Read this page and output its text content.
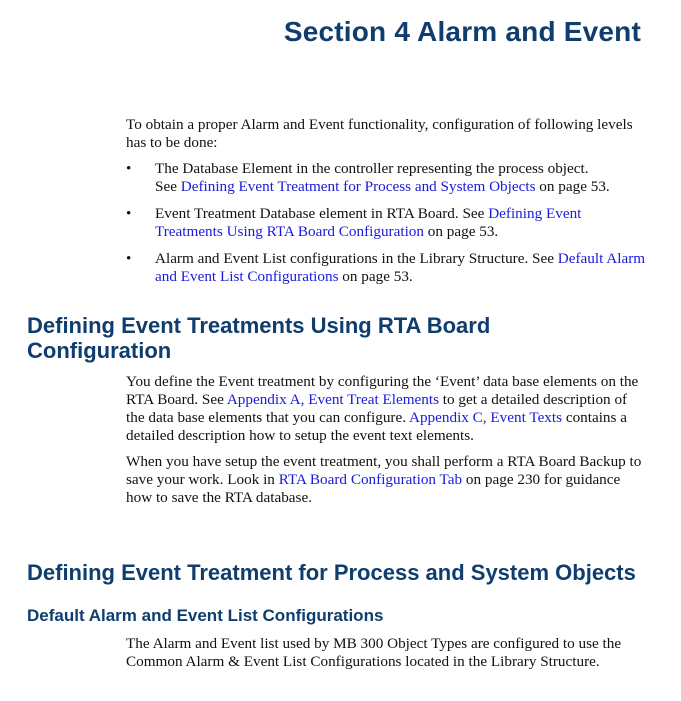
Section 4 Alarm and Event

To obtain a proper Alarm and Event functionality, configuration of following levels has to be done:

• The Database Element in the controller representing the process object.
See Defining Event Treatment for Process and System Objects on page 53.
• Event Treatment Database element in RTA Board. See Defining Event Treatments Using RTA Board Configuration on page 53.
• Alarm and Event List configurations in the Library Structure. See Default Alarm and Event List Configurations on page 53.
Defining Event Treatments Using RTA Board
Configuration

You define the Event treatment by configuring the ‘Event’ data base elements on the RTA Board. See Appendix A, Event Treat Elements to get a detailed description of the data base elements that you can configure. Appendix C, Event Texts contains a detailed description how to setup the event text elements.

When you have setup the event treatment, you shall perform a RTA Board Backup to save your work. Look in RTA Board Configuration Tab on page 230 for guidance how to save the RTA database.

Defining Event Treatment for Process and System Objects
Default Alarm and Event List Configurations

The Alarm and Event list used by MB 300 Object Types are configured to use the Common Alarm & Event List Configurations located in the Library Structure.
